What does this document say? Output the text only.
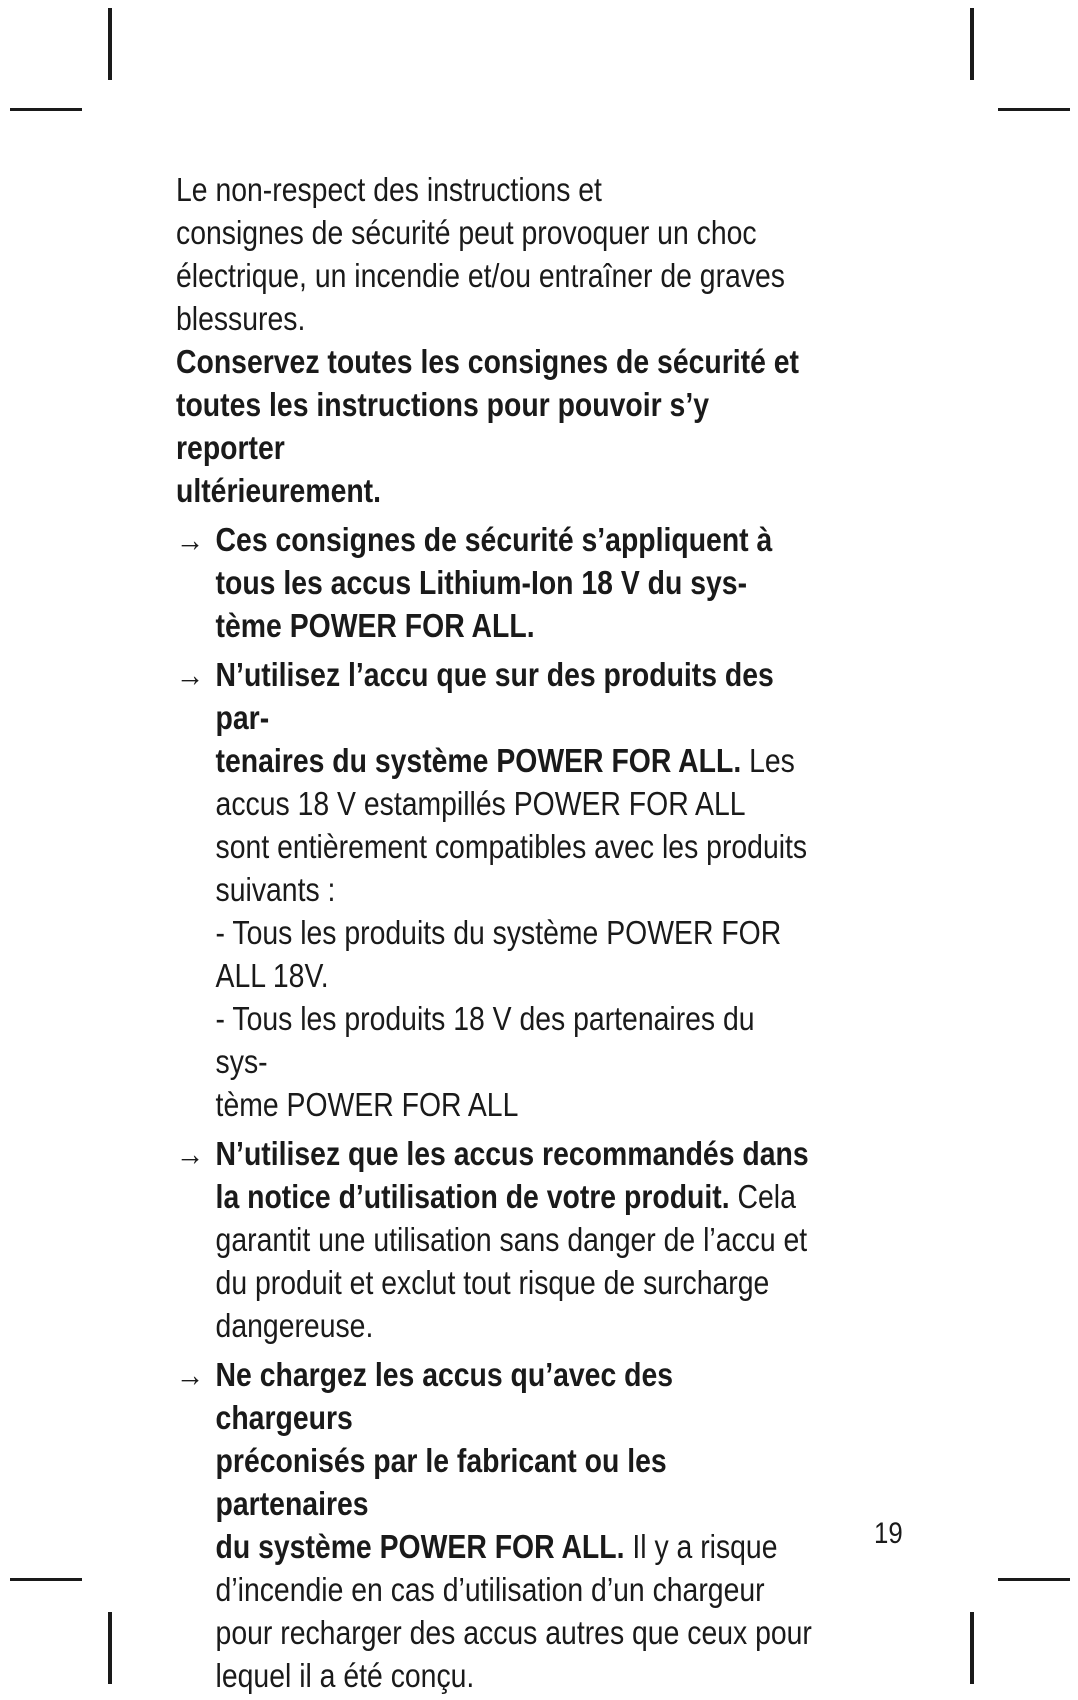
Le non-respect des instructions et
consignes de sécurité peut provoquer un choc
électrique, un incendie et/ou entraîner de graves
blessures.

Conservez toutes les consignes de sécurité et
toutes les instructions pour pouvoir s’y reporter
ultérieurement.

→ Ces consignes de sécurité s’appliquent à
tous les accus Lithium-Ion 18 V du sys-
tème POWER FOR ALL.
→ N’utilisez l’accu que sur des produits des par-
tenaires du système POWER FOR ALL. Les
accus 18 V estampillés POWER FOR ALL
sont entièrement compatibles avec les produits
suivants :
- Tous les produits du système POWER FOR
ALL 18V.
- Tous les produits 18 V des partenaires du sys-
tème POWER FOR ALL
→ N’utilisez que les accus recommandés dans
la notice d’utilisation de votre produit. Cela
garantit une utilisation sans danger de l’accu et
du produit et exclut tout risque de surcharge
dangereuse.
→ Ne chargez les accus qu’avec des chargeurs
préconisés par le fabricant ou les partenaires
du système POWER FOR ALL. Il y a risque
d’incendie en cas d’utilisation d’un chargeur
pour recharger des accus autres que ceux pour
lequel il a été conçu.
19
